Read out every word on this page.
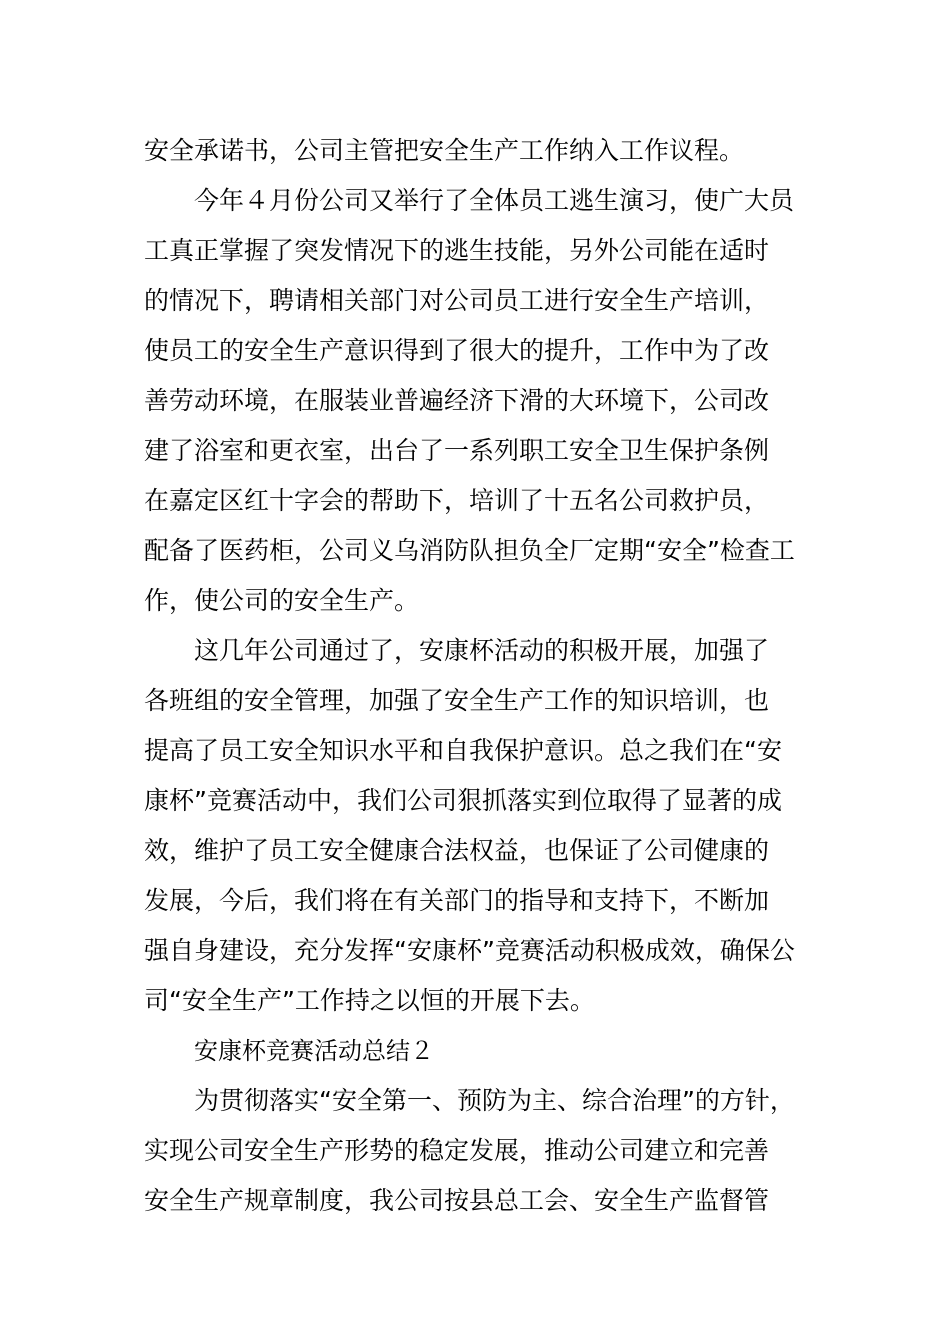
安全承诺书，公司主管把安全生产工作纳入工作议程。
今年４月份公司又举行了全体员工逃生演习，使广大员
工真正掌握了突发情况下的逃生技能，另外公司能在适时
的情况下，聘请相关部门对公司员工进行安全生产培训，
使员工的安全生产意识得到了很大的提升，工作中为了改
善劳动环境，在服装业普遍经济下滑的大环境下，公司改
建了浴室和更衣室，出台了一系列职工安全卫生保护条例
在嘉定区红十字会的帮助下，培训了十五名公司救护员，
配备了医药柜，公司义乌消防队担负全厂定期“安全”检查工
作，使公司的安全生产。
这几年公司通过了，安康杯活动的积极开展，加强了
各班组的安全管理，加强了安全生产工作的知识培训，也
提高了员工安全知识水平和自我保护意识。总之我们在“安
康杯”竞赛活动中，我们公司狠抓落实到位取得了显著的成
效，维护了员工安全健康合法权益，也保证了公司健康的
发展，今后，我们将在有关部门的指导和支持下，不断加
强自身建设，充分发挥“安康杯”竞赛活动积极成效，确保公
司“安全生产”工作持之以恒的开展下去。
安康杯竞赛活动总结２
为贯彻落实“安全第一、预防为主、综合治理”的方针，
实现公司安全生产形势的稳定发展，推动公司建立和完善
安全生产规章制度，我公司按县总工会、安全生产监督管
